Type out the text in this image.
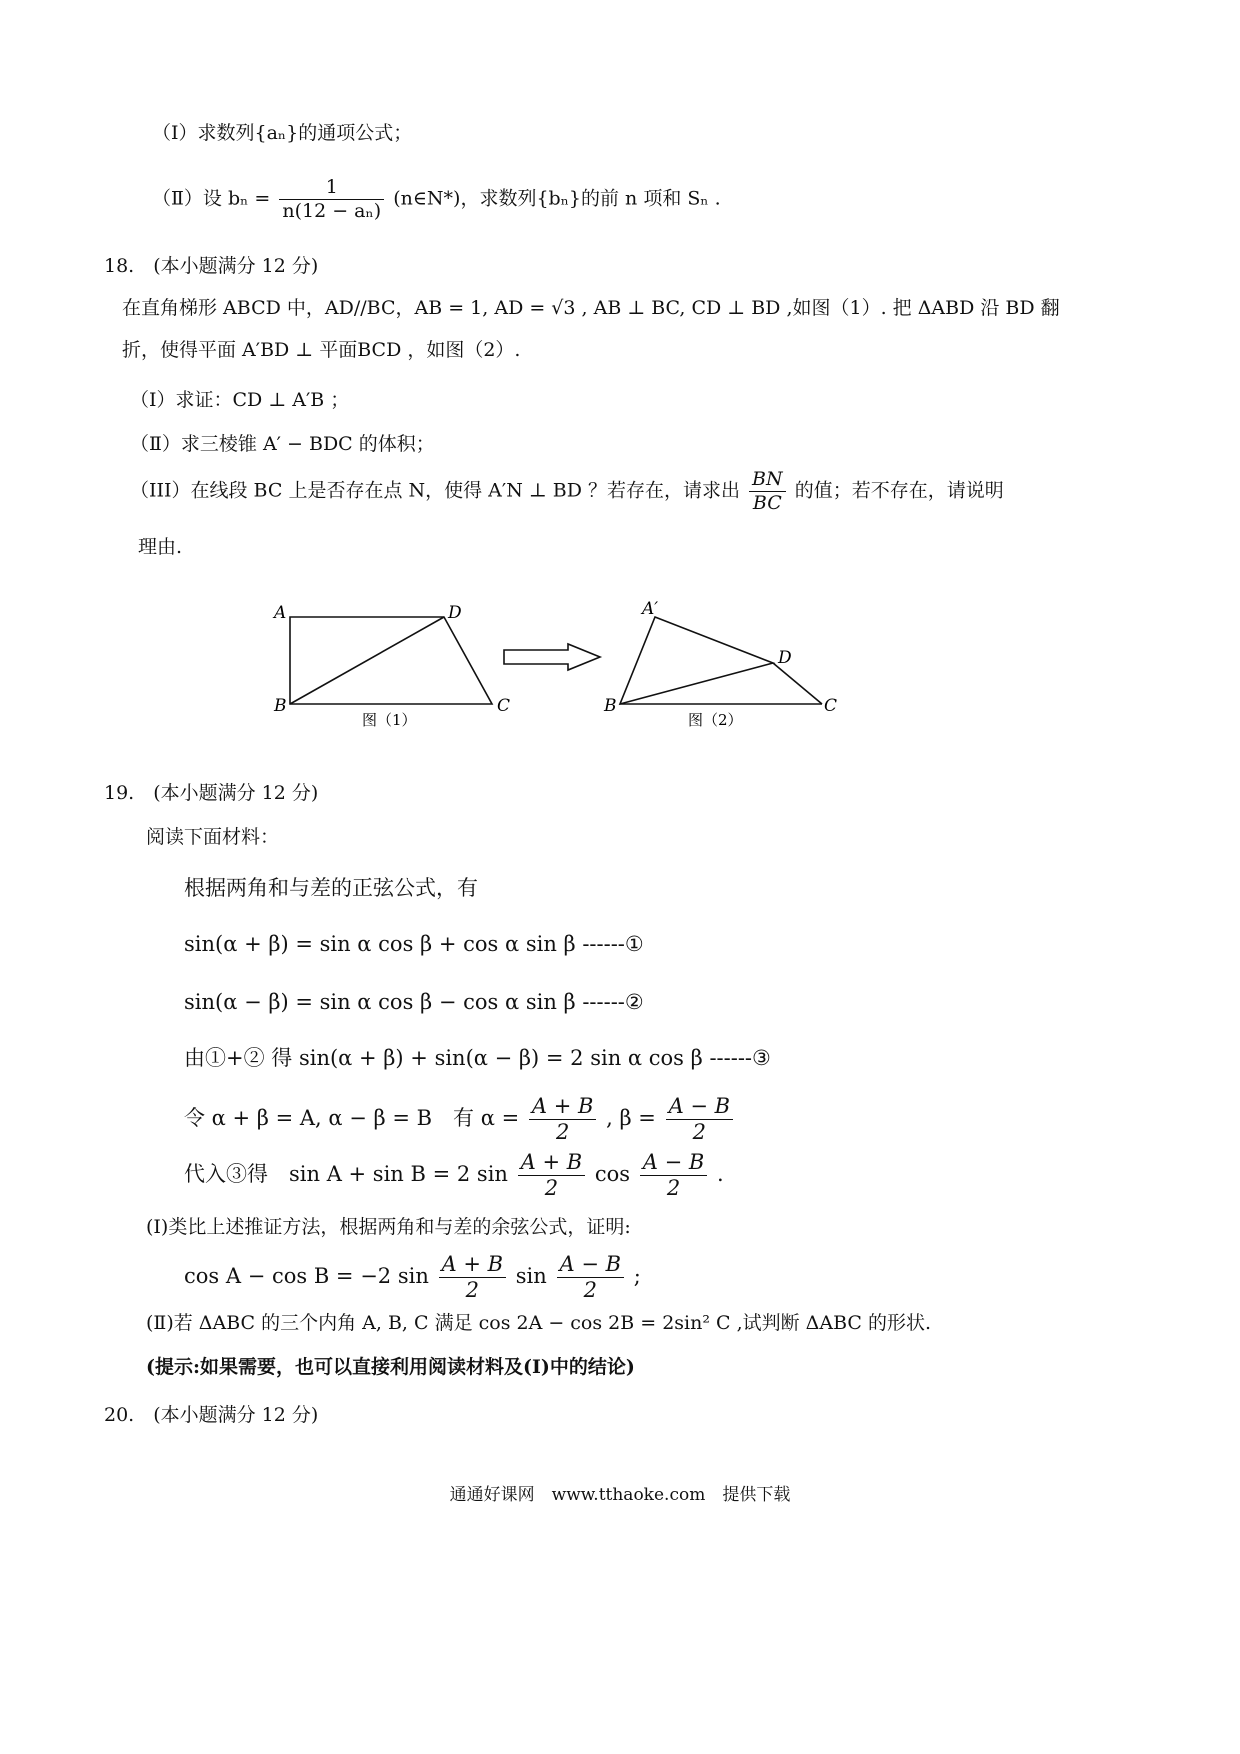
（Ⅰ）求数列{aₙ}的通项公式；
（Ⅱ）设 $b_n = \frac{1}{\text{n(12 − aₙ)}}$ (n∈N*)，求数列{bₙ}的前 n 项和 Sₙ .
18.　(本小题满分 12 分)
在直角梯形 ABCD 中，AD//BC，AB = 1, AD = √3 , AB ⊥ BC, CD ⊥ BD ,如图（1）. 把 ΔABD 沿 BD 翻
折，使得平面 A′BD ⊥ 平面BCD ，如图（2）.
（Ⅰ）求证：CD ⊥ A′B ；
（Ⅱ）求三棱锥 A′ − BDC 的体积；
（III）在线段 BC 上是否存在点 N，使得 A′N ⊥ BD ？若存在，请求出 $\frac{BN}{BC}$ 的值；若不存在，请说明
理由.
A	D
B	C
图（1）
A′
D
B	C
图（2）
19.　(本小题满分 12 分)
阅读下面材料：
根据两角和与差的正弦公式，有
sin(α + β) = sin α cos β + cos α sin β ------①
sin(α − β) = sin α cos β − cos α sin β ------②
由①+② 得 sin(α + β) + sin(α − β) = 2 sin α cos β ------③
令 α + β = A, α − β = B　有 $\alpha = \frac{A + B}{2}$ , $\beta = \frac{A - B}{2}$
代入③得　sin A + sin B = 2 $\sin \frac{A + B}{2}$ $\cos \frac{A - B}{2}$ .
(Ⅰ)类比上述推证方法，根据两角和与差的余弦公式，证明:
cos A − cos B = −2 $\sin \frac{A + B}{2}$ $\sin \frac{A - B}{2}$ ;
(Ⅱ)若 ΔABC 的三个内角 A, B, C 满足 cos 2A − cos 2B = 2sin² C ,试判断 ΔABC 的形状.
(提示:如果需要，也可以直接利用阅读材料及(Ⅰ)中的结论)
20.　(本小题满分 12 分)
通通好课网　www.tthaoke.com　提供下载
